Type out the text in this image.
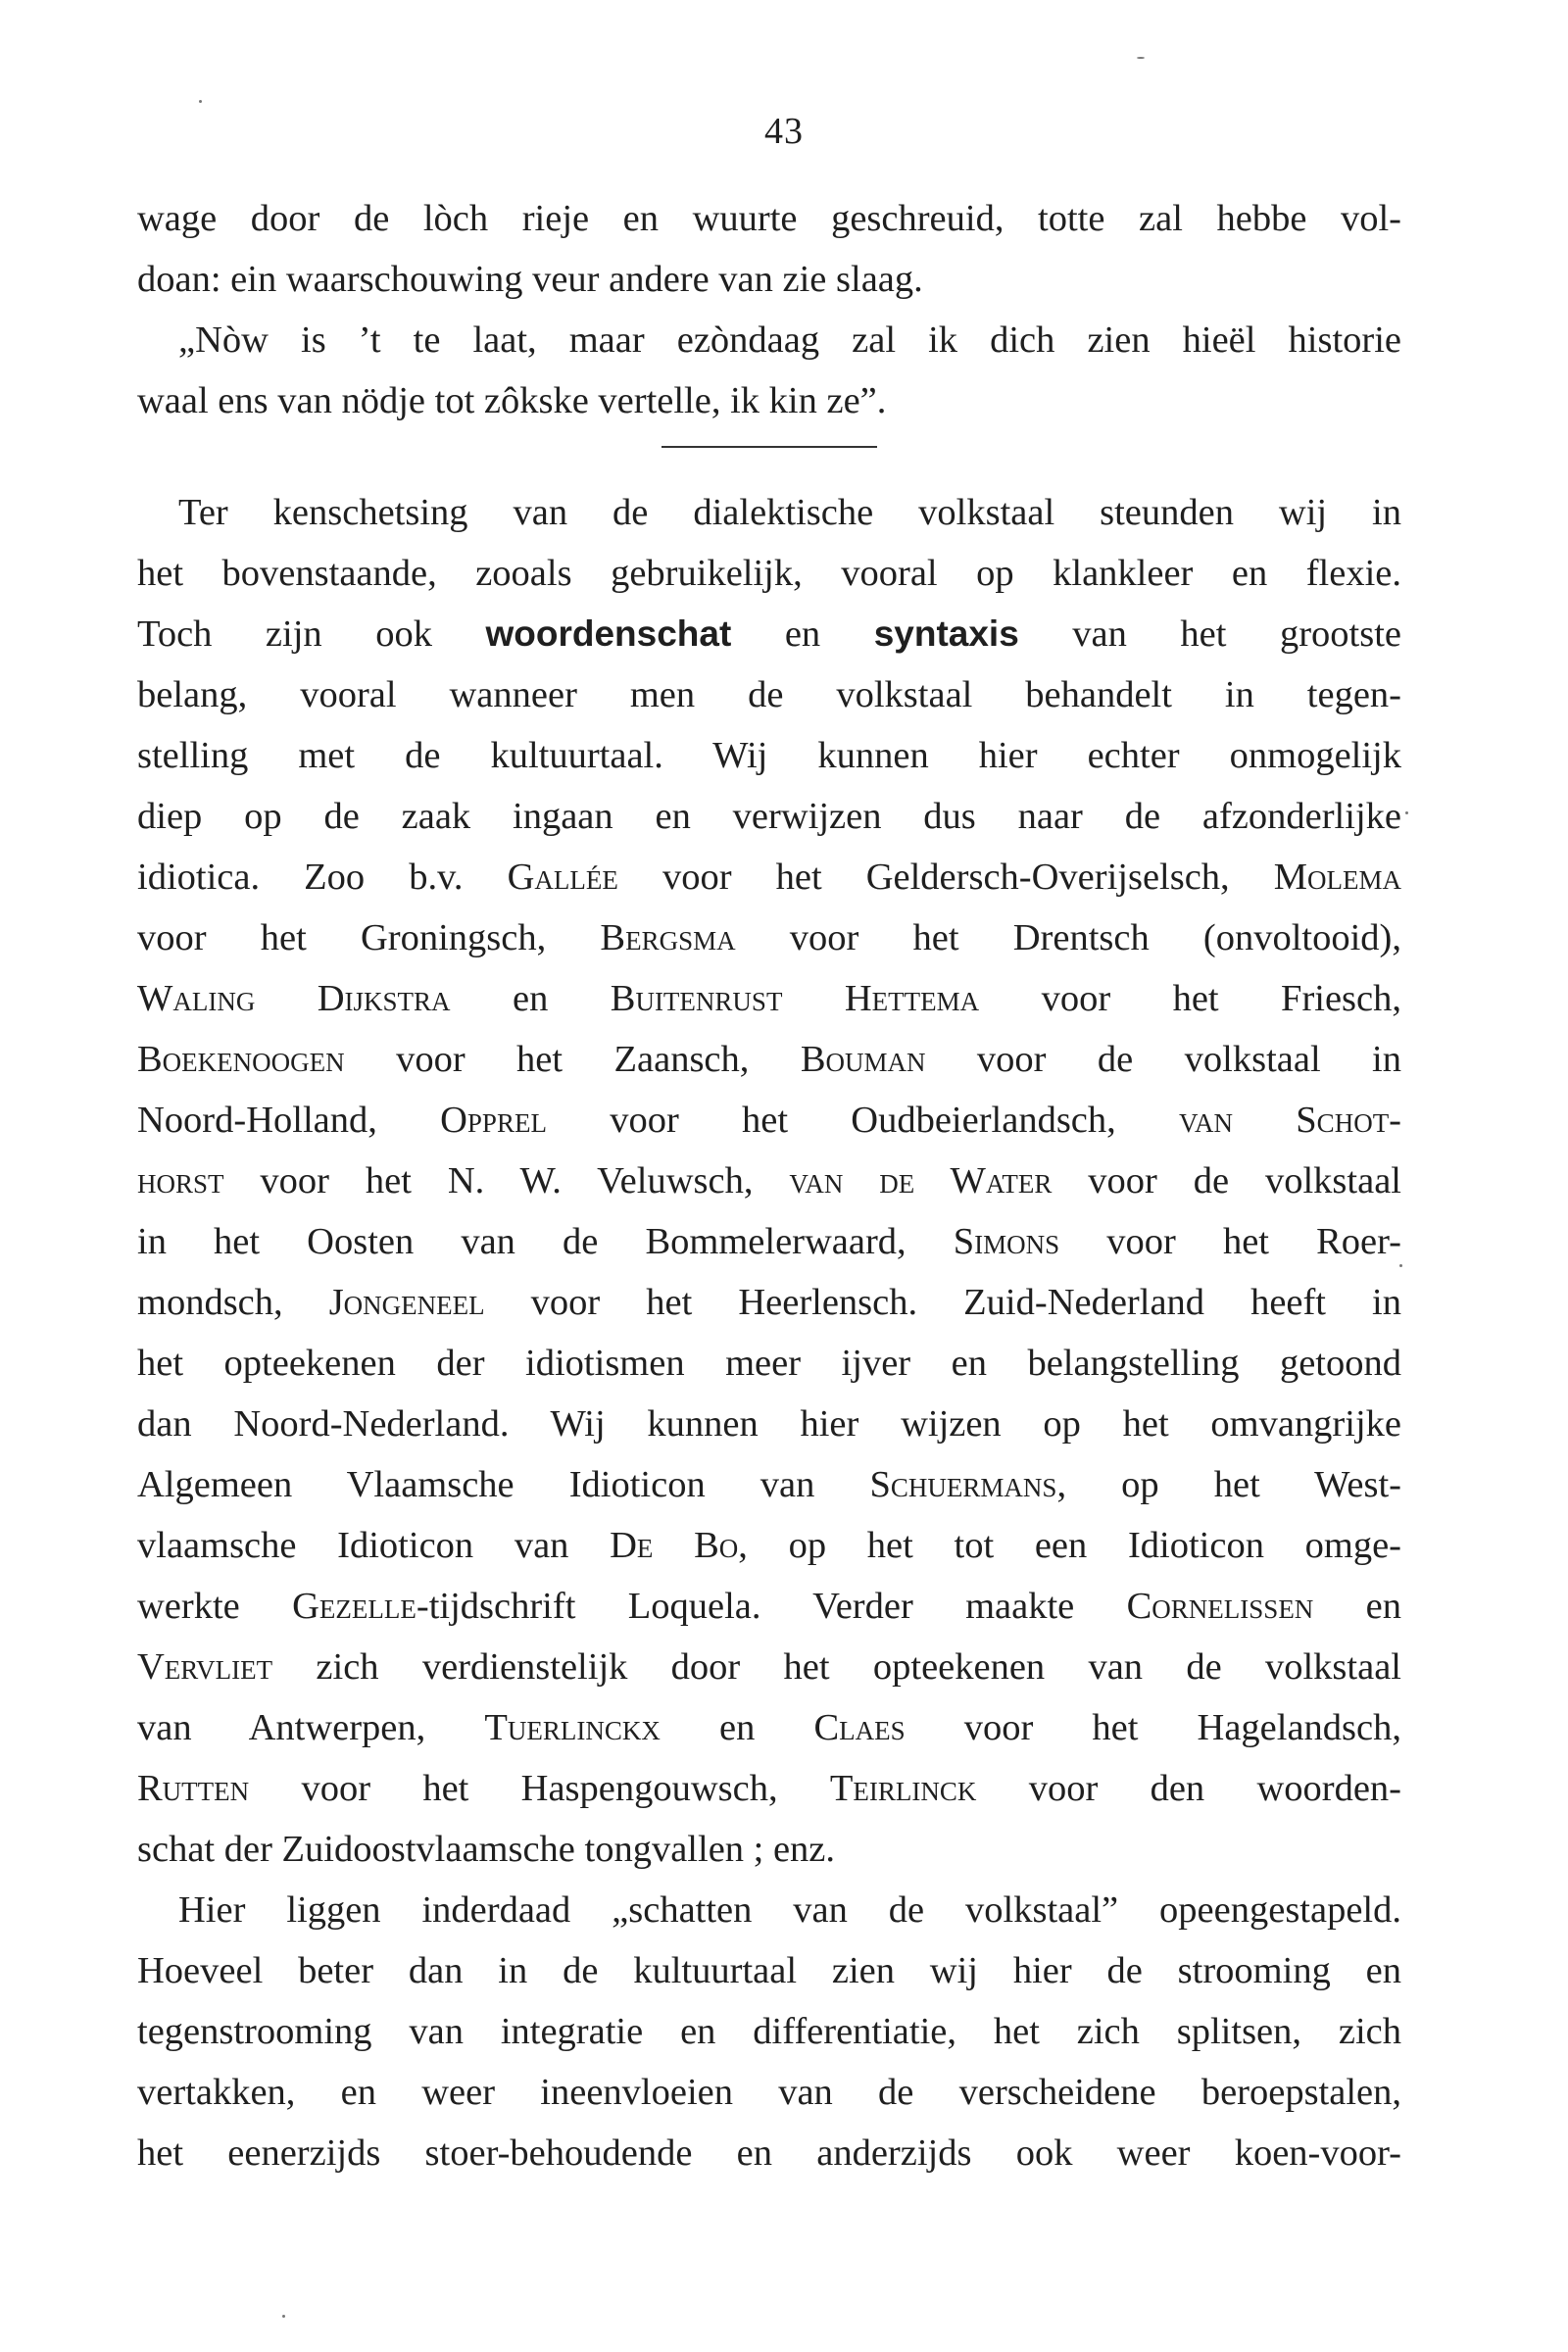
43

wage door de lòch rieje en wuurte geschreuid, totte zal hebbe vol-
doan: ein waarschouwing veur andere van zie slaag.
„Nòw is ’t te laat, maar ezòndaag zal ik dich zien hieël historie
waal ens van nödje tot zôkske vertelle, ik kin ze”.

Ter kenschetsing van de dialektische volkstaal steunden wij in
het bovenstaande, zooals gebruikelijk, vooral op klankleer en flexie.
Toch zijn ook woordenschat en syntaxis van het grootste
belang, vooral wanneer men de volkstaal behandelt in tegen-
stelling met de kultuurtaal. Wij kunnen hier echter onmogelijk
diep op de zaak ingaan en verwijzen dus naar de afzonderlijke
idiotica. Zoo b.v. Gallée voor het Geldersch-Overijselsch, Molema
voor het Groningsch, Bergsma voor het Drentsch (onvoltooid),
Waling Dijkstra en Buitenrust Hettema voor het Friesch,
Boekenoogen voor het Zaansch, Bouman voor de volkstaal in
Noord-Holland, Opprel voor het Oudbeierlandsch, van Schot-
horst voor het N. W. Veluwsch, van de Water voor de volkstaal
in het Oosten van de Bommelerwaard, Simons voor het Roer-
mondsch, Jongeneel voor het Heerlensch. Zuid-Nederland heeft in
het opteekenen der idiotismen meer ijver en belangstelling getoond
dan Noord-Nederland. Wij kunnen hier wijzen op het omvangrijke
Algemeen Vlaamsche Idioticon van Schuermans, op het West-
vlaamsche Idioticon van De Bo, op het tot een Idioticon omge-
werkte Gezelle-tijdschrift Loquela. Verder maakte Cornelissen en
Vervliet zich verdienstelijk door het opteekenen van de volkstaal
van Antwerpen, Tuerlinckx en Claes voor het Hagelandsch,
Rutten voor het Haspengouwsch, Teirlinck voor den woorden-
schat der Zuidoostvlaamsche tongvallen ; enz.

Hier liggen inderdaad „schatten van de volkstaal” opeengestapeld.
Hoeveel beter dan in de kultuurtaal zien wij hier de strooming en
tegenstrooming van integratie en differentiatie, het zich splitsen, zich
vertakken, en weer ineenvloeien van de verscheidene beroepstalen,
het eenerzijds stoer-behoudende en anderzijds ook weer koen-voor-
